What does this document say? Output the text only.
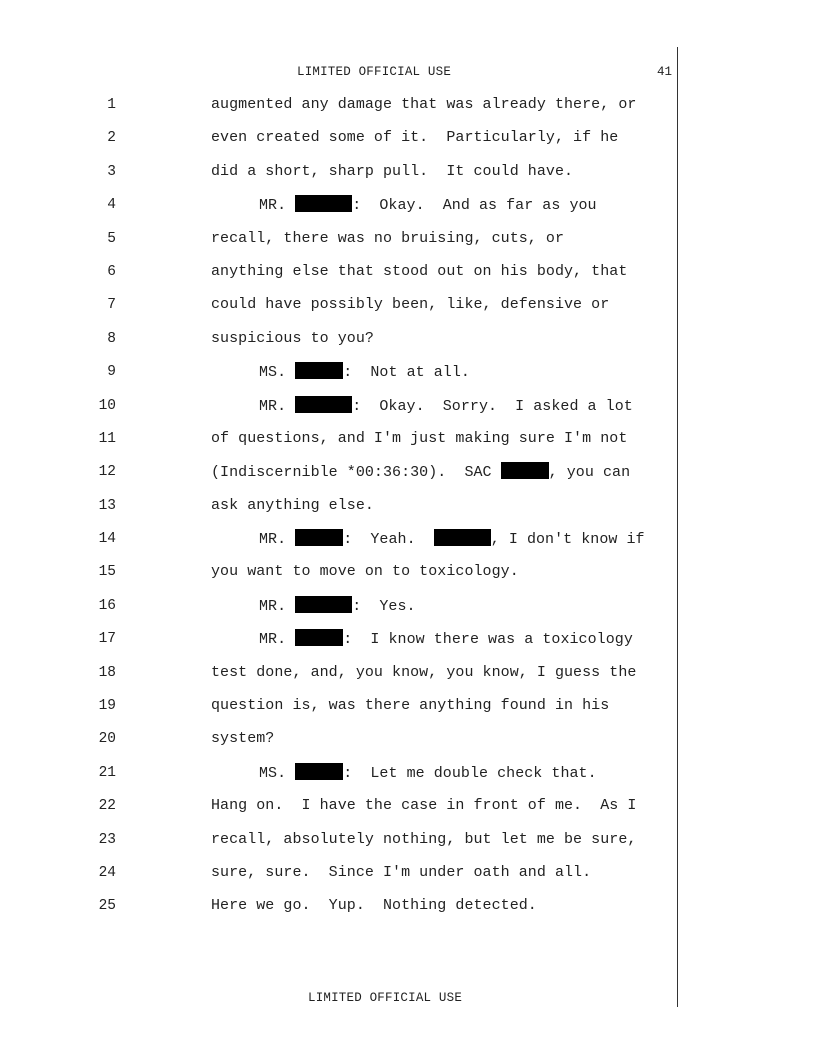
LIMITED OFFICIAL USE	41
1	augmented any damage that was already there, or
2	even created some of it.  Particularly, if he
3	did a short, sharp pull.  It could have.
4	MR.	:  Okay.  And as far as you
5	recall, there was no bruising, cuts, or
6	anything else that stood out on his body, that
7	could have possibly been, like, defensive or
8	suspicious to you?
9	MS.	:  Not at all.
10	MR.	:  Okay.  Sorry.  I asked a lot
11	of questions, and I'm just making sure I'm not
12	(Indiscernible *00:36:30).  SAC	, you can
13	ask anything else.
14	MR.	:  Yeah.	, I don't know if
15	you want to move on to toxicology.
16	MR.	:  Yes.
17	MR.	:  I know there was a toxicology
18	test done, and, you know, you know, I guess the
19	question is, was there anything found in his
20	system?
21	MS.	:  Let me double check that.
22	Hang on.  I have the case in front of me.  As I
23	recall, absolutely nothing, but let me be sure,
24	sure, sure.  Since I'm under oath and all.
25	Here we go.  Yup.  Nothing detected.
LIMITED OFFICIAL USE
